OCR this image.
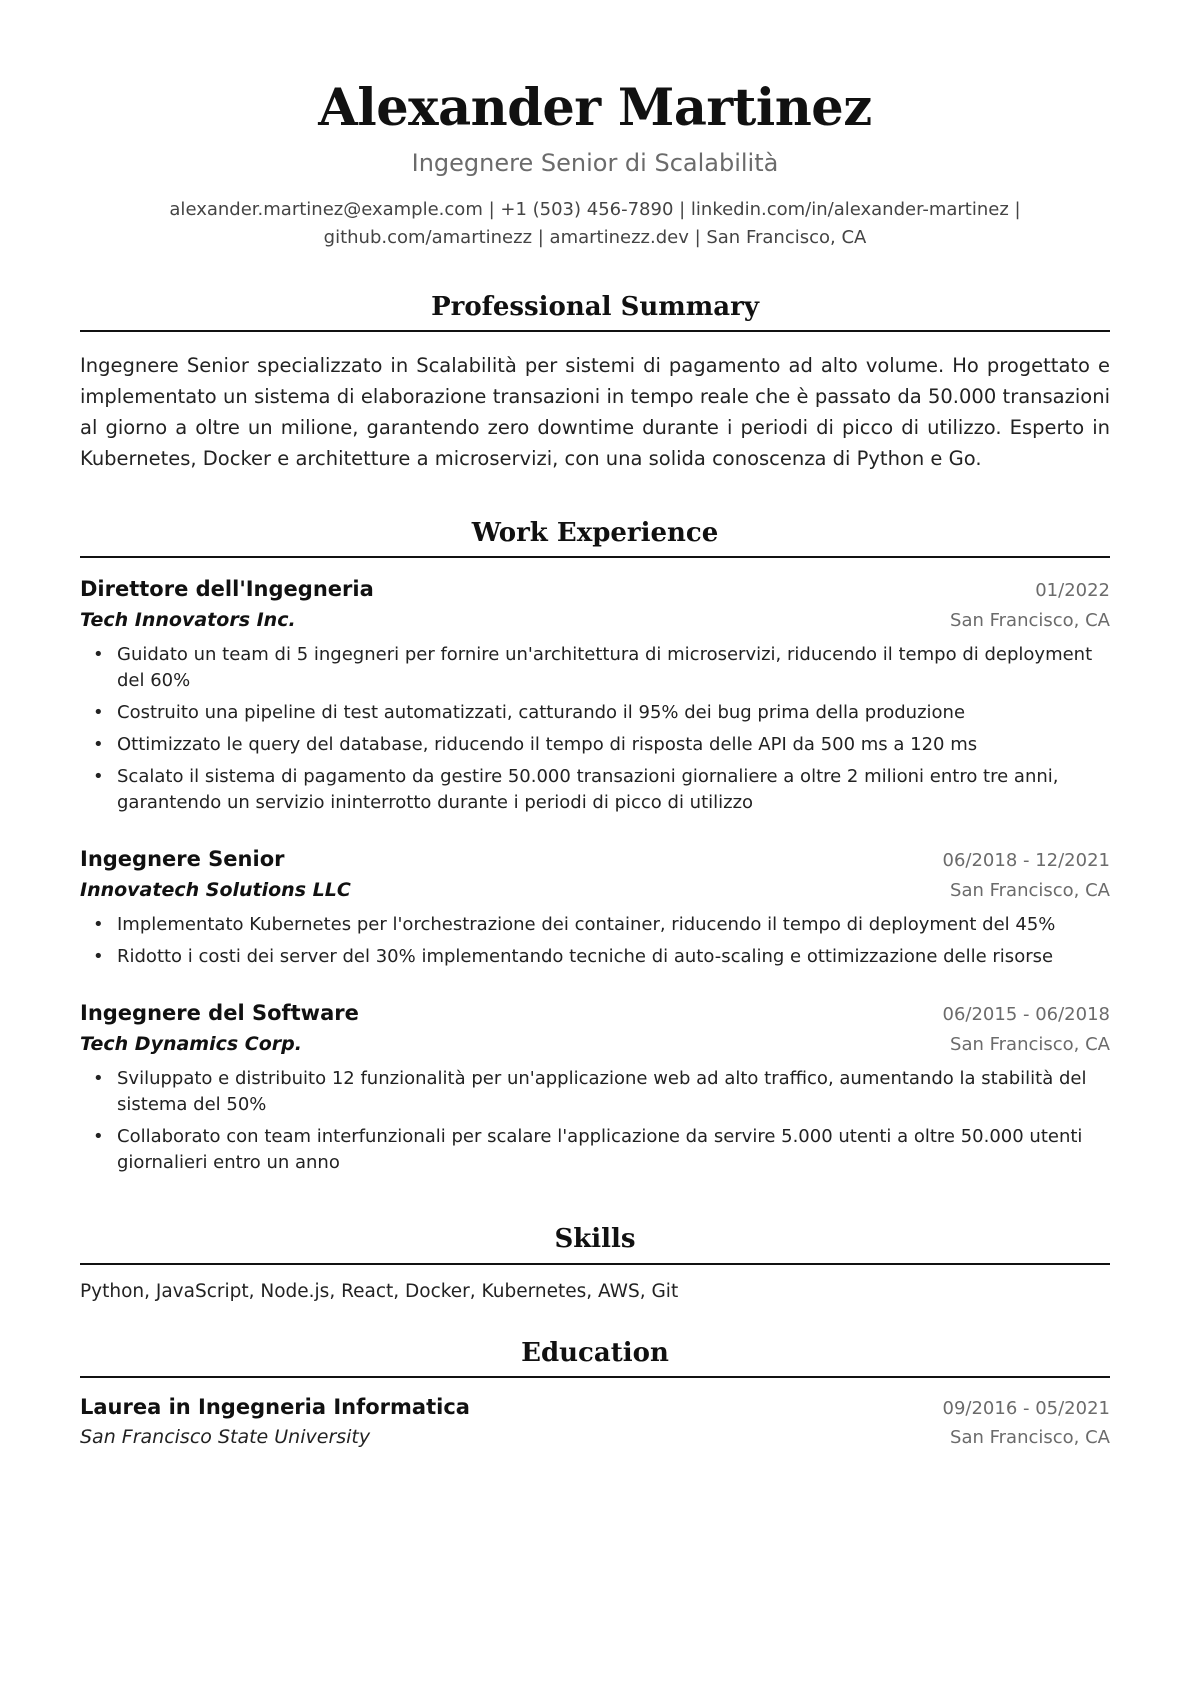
Alexander Martinez
Ingegnere Senior di Scalabilità
alexander.martinez@example.com | +1 (503) 456-7890 | linkedin.com/in/alexander-martinez |
github.com/amartinezz | amartinezz.dev | San Francisco, CA
Professional Summary
Ingegnere Senior specializzato in Scalabilità per sistemi di pagamento ad alto volume. Ho progettato e implementato un sistema di elaborazione transazioni in tempo reale che è passato da 50.000 transazioni al giorno a oltre un milione, garantendo zero downtime durante i periodi di picco di utilizzo. Esperto in Kubernetes, Docker e architetture a microservizi, con una solida conoscenza di Python e Go.
Work Experience
Direttore dell'Ingegneria	01/2022
Tech Innovators Inc.	San Francisco, CA
• Guidato un team di 5 ingegneri per fornire un'architettura di microservizi, riducendo il tempo di deployment del 60%
• Costruito una pipeline di test automatizzati, catturando il 95% dei bug prima della produzione
• Ottimizzato le query del database, riducendo il tempo di risposta delle API da 500 ms a 120 ms
• Scalato il sistema di pagamento da gestire 50.000 transazioni giornaliere a oltre 2 milioni entro tre anni, garantendo un servizio ininterrotto durante i periodi di picco di utilizzo
Ingegnere Senior	06/2018 - 12/2021
Innovatech Solutions LLC	San Francisco, CA
• Implementato Kubernetes per l'orchestrazione dei container, riducendo il tempo di deployment del 45%
• Ridotto i costi dei server del 30% implementando tecniche di auto-scaling e ottimizzazione delle risorse
Ingegnere del Software	06/2015 - 06/2018
Tech Dynamics Corp.	San Francisco, CA
• Sviluppato e distribuito 12 funzionalità per un'applicazione web ad alto traffico, aumentando la stabilità del sistema del 50%
• Collaborato con team interfunzionali per scalare l'applicazione da servire 5.000 utenti a oltre 50.000 utenti giornalieri entro un anno
Skills
Python, JavaScript, Node.js, React, Docker, Kubernetes, AWS, Git
Education
Laurea in Ingegneria Informatica	09/2016 - 05/2021
San Francisco State University	San Francisco, CA
